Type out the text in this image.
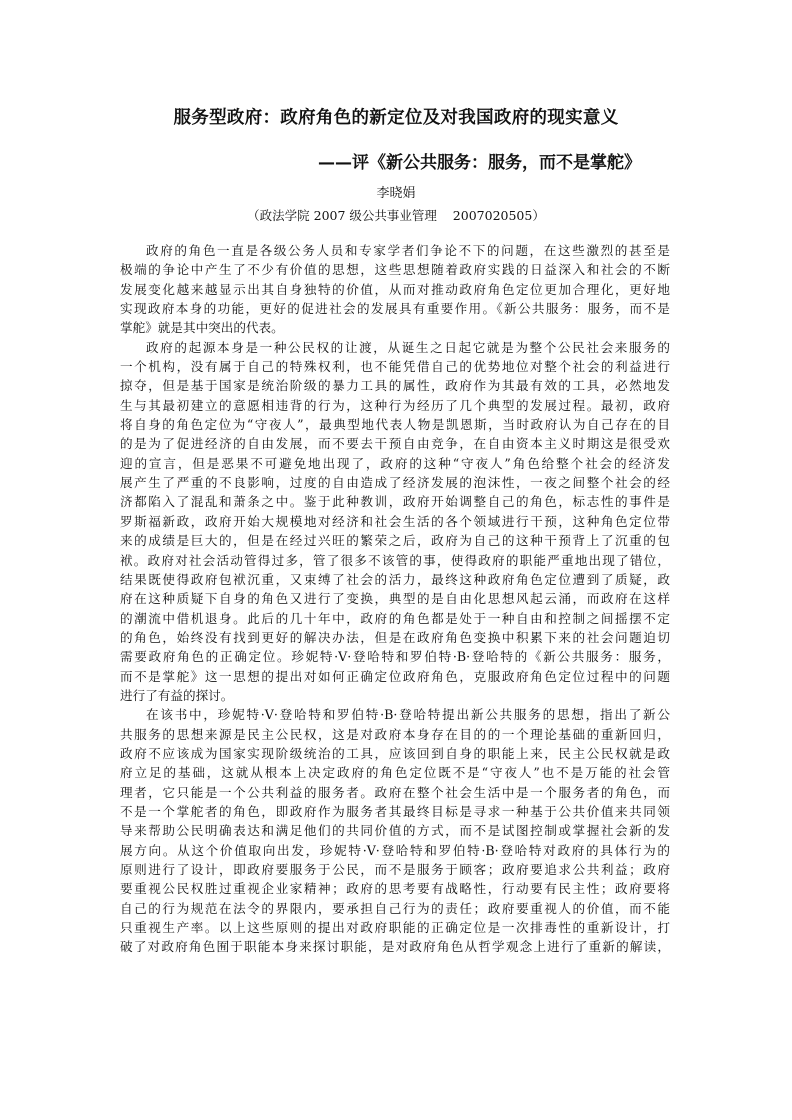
服务型政府：政府角色的新定位及对我国政府的现实意义
——评《新公共服务：服务，而不是掌舵》
李晓娟
（政法学院 2007 级公共事业管理    2007020505）
政府的角色一直是各级公务人员和专家学者们争论不下的问题，在这些激烈的甚至是
极端的争论中产生了不少有价值的思想，这些思想随着政府实践的日益深入和社会的不断
发展变化越来越显示出其自身独特的价值，从而对推动政府角色定位更加合理化，更好地
实现政府本身的功能，更好的促进社会的发展具有重要作用。《新公共服务：服务，而不是
掌舵》就是其中突出的代表。
政府的起源本身是一种公民权的让渡，从诞生之日起它就是为整个公民社会来服务的
一个机构，没有属于自己的特殊权利，也不能凭借自己的优势地位对整个社会的利益进行
掠夺，但是基于国家是统治阶级的暴力工具的属性，政府作为其最有效的工具，必然地发
生与其最初建立的意愿相违背的行为，这种行为经历了几个典型的发展过程。最初，政府
将自身的角色定位为“守夜人”，最典型地代表人物是凯恩斯，当时政府认为自己存在的目
的是为了促进经济的自由发展，而不要去干预自由竞争，在自由资本主义时期这是很受欢
迎的宣言，但是恶果不可避免地出现了，政府的这种“守夜人”角色给整个社会的经济发
展产生了严重的不良影响，过度的自由造成了经济发展的泡沫性，一夜之间整个社会的经
济都陷入了混乱和萧条之中。鉴于此种教训，政府开始调整自己的角色，标志性的事件是
罗斯福新政，政府开始大规模地对经济和社会生活的各个领域进行干预，这种角色定位带
来的成绩是巨大的，但是在经过兴旺的繁荣之后，政府为自己的这种干预背上了沉重的包
袱。政府对社会活动管得过多，管了很多不该管的事，使得政府的职能严重地出现了错位，
结果既使得政府包袱沉重，又束缚了社会的活力，最终这种政府角色定位遭到了质疑，政
府在这种质疑下自身的角色又进行了变换，典型的是自由化思想风起云涌，而政府在这样
的潮流中借机退身。此后的几十年中，政府的角色都是处于一种自由和控制之间摇摆不定
的角色，始终没有找到更好的解决办法，但是在政府角色变换中积累下来的社会问题迫切
需要政府角色的正确定位。珍妮特·V·登哈特和罗伯特·B·登哈特的《新公共服务：服务，
而不是掌舵》这一思想的提出对如何正确定位政府角色，克服政府角色定位过程中的问题
进行了有益的探讨。
在该书中，珍妮特·V·登哈特和罗伯特·B·登哈特提出新公共服务的思想，指出了新公
共服务的思想来源是民主公民权，这是对政府本身存在目的的一个理论基础的重新回归，
政府不应该成为国家实现阶级统治的工具，应该回到自身的职能上来，民主公民权就是政
府立足的基础，这就从根本上决定政府的角色定位既不是“守夜人”也不是万能的社会管
理者，它只能是一个公共利益的服务者。政府在整个社会生活中是一个服务者的角色，而
不是一个掌舵者的角色，即政府作为服务者其最终目标是寻求一种基于公共价值来共同领
导来帮助公民明确表达和满足他们的共同价值的方式，而不是试图控制或掌握社会新的发
展方向。从这个价值取向出发，珍妮特·V·登哈特和罗伯特·B·登哈特对政府的具体行为的
原则进行了设计，即政府要服务于公民，而不是服务于顾客；政府要追求公共利益；政府
要重视公民权胜过重视企业家精神；政府的思考要有战略性，行动要有民主性；政府要将
自己的行为规范在法令的界限内，要承担自己行为的责任；政府要重视人的价值，而不能
只重视生产率。以上这些原则的提出对政府职能的正确定位是一次排毒性的重新设计，打
破了对政府角色囿于职能本身来探讨职能，是对政府角色从哲学观念上进行了重新的解读，
